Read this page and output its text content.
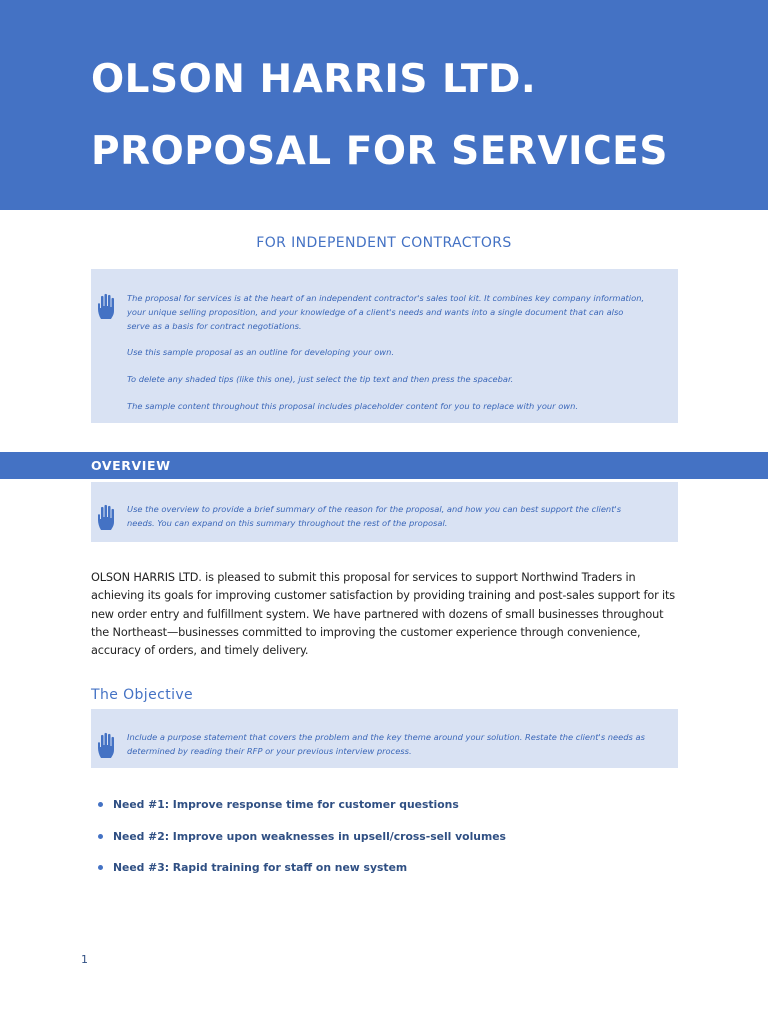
OLSON HARRIS LTD.
PROPOSAL FOR SERVICES
FOR INDEPENDENT CONTRACTORS

The proposal for services is at the heart of an independent contractor's sales tool kit. It combines key company information, your unique selling proposition, and your knowledge of a client's needs and wants into a single document that can also serve as a basis for contract negotiations.

Use this sample proposal as an outline for developing your own.

To delete any shaded tips (like this one), just select the tip text and then press the spacebar.

The sample content throughout this proposal includes placeholder content for you to replace with your own.

OVERVIEW

Use the overview to provide a brief summary of the reason for the proposal, and how you can best support the client's needs. You can expand on this summary throughout the rest of the proposal.

OLSON HARRIS LTD. is pleased to submit this proposal for services to support Northwind Traders in achieving its goals for improving customer satisfaction by providing training and post-sales support for its new order entry and fulfillment system. We have partnered with dozens of small businesses throughout the Northeast—businesses committed to improving the customer experience through convenience, accuracy of orders, and timely delivery.

The Objective

Include a purpose statement that covers the problem and the key theme around your solution. Restate the client's needs as determined by reading their RFP or your previous interview process.

Need #1: Improve response time for customer questions
Need #2: Improve upon weaknesses in upsell/cross-sell volumes
Need #3: Rapid training for staff on new system
1
